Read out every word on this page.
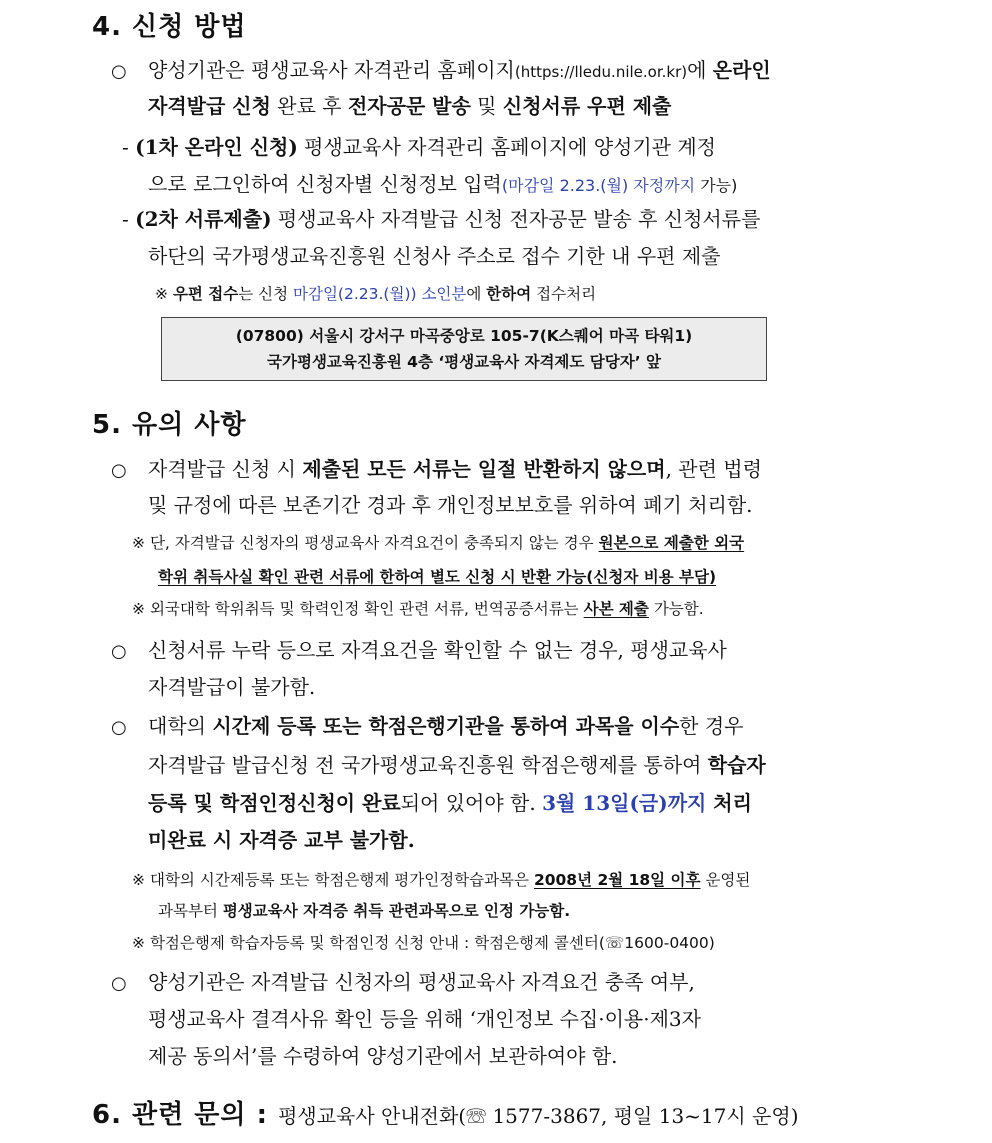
4. 신청 방법
○ 양성기관은 평생교육사 자격관리 홈페이지(https://lledu.nile.or.kr)에 온라인
자격발급 신청 완료 후 전자공문 발송 및 신청서류 우편 제출
- (1차 온라인 신청) 평생교육사 자격관리 홈페이지에 양성기관 계정
으로 로그인하여 신청자별 신청정보 입력(마감일 2.23.(월) 자정까지 가능)
- (2차 서류제출) 평생교육사 자격발급 신청 전자공문 발송 후 신청서류를
하단의 국가평생교육진흥원 신청사 주소로 접수 기한 내 우편 제출
※ 우편 접수는 신청 마감일(2.23.(월)) 소인분에 한하여 접수처리
(07800) 서울시 강서구 마곡중앙로 105-7(K스퀘어 마곡 타워1)
국가평생교육진흥원 4층 ‘평생교육사 자격제도 담당자’ 앞
5. 유의 사항
○ 자격발급 신청 시 제출된 모든 서류는 일절 반환하지 않으며, 관련 법령
및 규정에 따른 보존기간 경과 후 개인정보보호를 위하여 폐기 처리함.
※ 단, 자격발급 신청자의 평생교육사 자격요건이 충족되지 않는 경우 원본으로 제출한 외국
학위 취득사실 확인 관련 서류에 한하여 별도 신청 시 반환 가능(신청자 비용 부담)
※ 외국대학 학위취득 및 학력인정 확인 관련 서류, 번역공증서류는 사본 제출 가능함.
○ 신청서류 누락 등으로 자격요건을 확인할 수 없는 경우, 평생교육사
자격발급이 불가함.
○ 대학의 시간제 등록 또는 학점은행기관을 통하여 과목을 이수한 경우
자격발급 발급신청 전 국가평생교육진흥원 학점은행제를 통하여 학습자
등록 및 학점인정신청이 완료되어 있어야 함. 3월 13일(금)까지 처리
미완료 시 자격증 교부 불가함.
※ 대학의 시간제등록 또는 학점은행제 평가인정학습과목은 2008년 2월 18일 이후 운영된
과목부터 평생교육사 자격증 취득 관련과목으로 인정 가능함.
※ 학점은행제 학습자등록 및 학점인정 신청 안내 : 학점은행제 콜센터(☏1600-0400)
○ 양성기관은 자격발급 신청자의 평생교육사 자격요건 충족 여부,
평생교육사 결격사유 확인 등을 위해 ‘개인정보 수집·이용·제3자
제공 동의서’를 수령하여 양성기관에서 보관하여야 함.
6. 관련 문의 : 평생교육사 안내전화(☏ 1577-3867, 평일 13~17시 운영)
